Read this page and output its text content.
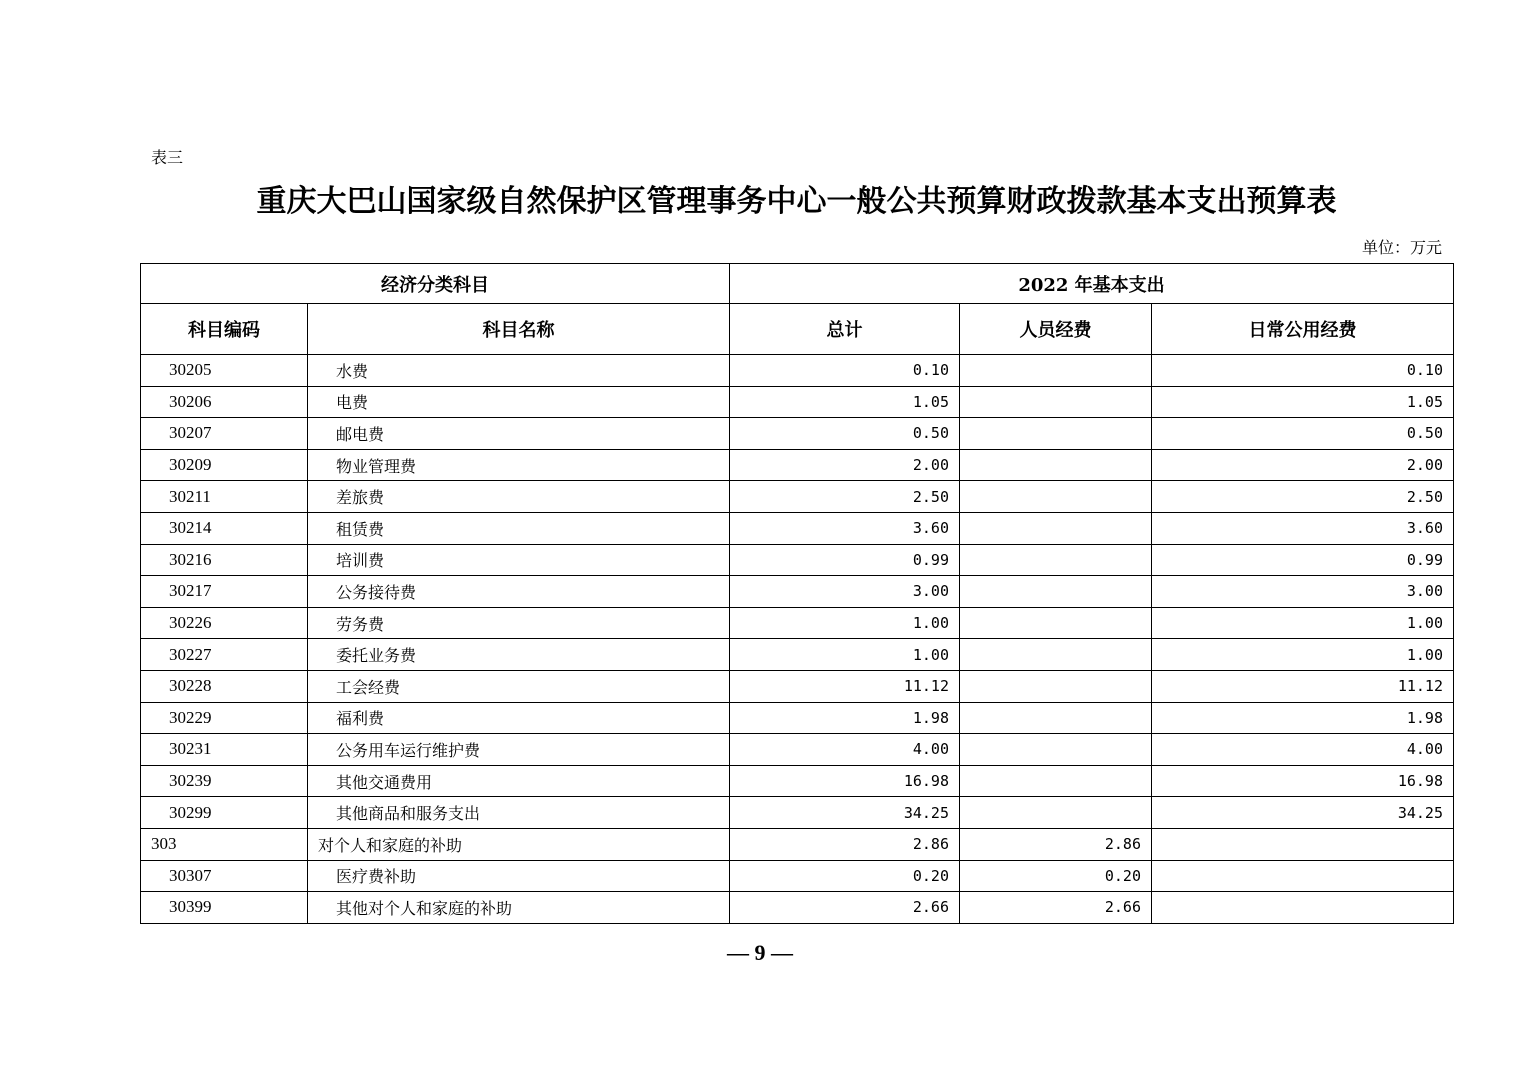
表三
重庆大巴山国家级自然保护区管理事务中心一般公共预算财政拨款基本支出预算表
单位：万元
经济分类科目		2022 年基本支出		
科目编码	科目名称	总计	人员经费	日常公用经费
30205	水费	0.10		0.10
30206	电费	1.05		1.05
30207	邮电费	0.50		0.50
30209	物业管理费	2.00		2.00
30211	差旅费	2.50		2.50
30214	租赁费	3.60		3.60
30216	培训费	0.99		0.99
30217	公务接待费	3.00		3.00
30226	劳务费	1.00		1.00
30227	委托业务费	1.00		1.00
30228	工会经费	11.12		11.12
30229	福利费	1.98		1.98
30231	公务用车运行维护费	4.00		4.00
30239	其他交通费用	16.98		16.98
30299	其他商品和服务支出	34.25		34.25
303	对个人和家庭的补助	2.86	2.86	
30307	医疗费补助	0.20	0.20	
30399	其他对个人和家庭的补助	2.66	2.66	
— 9 —
